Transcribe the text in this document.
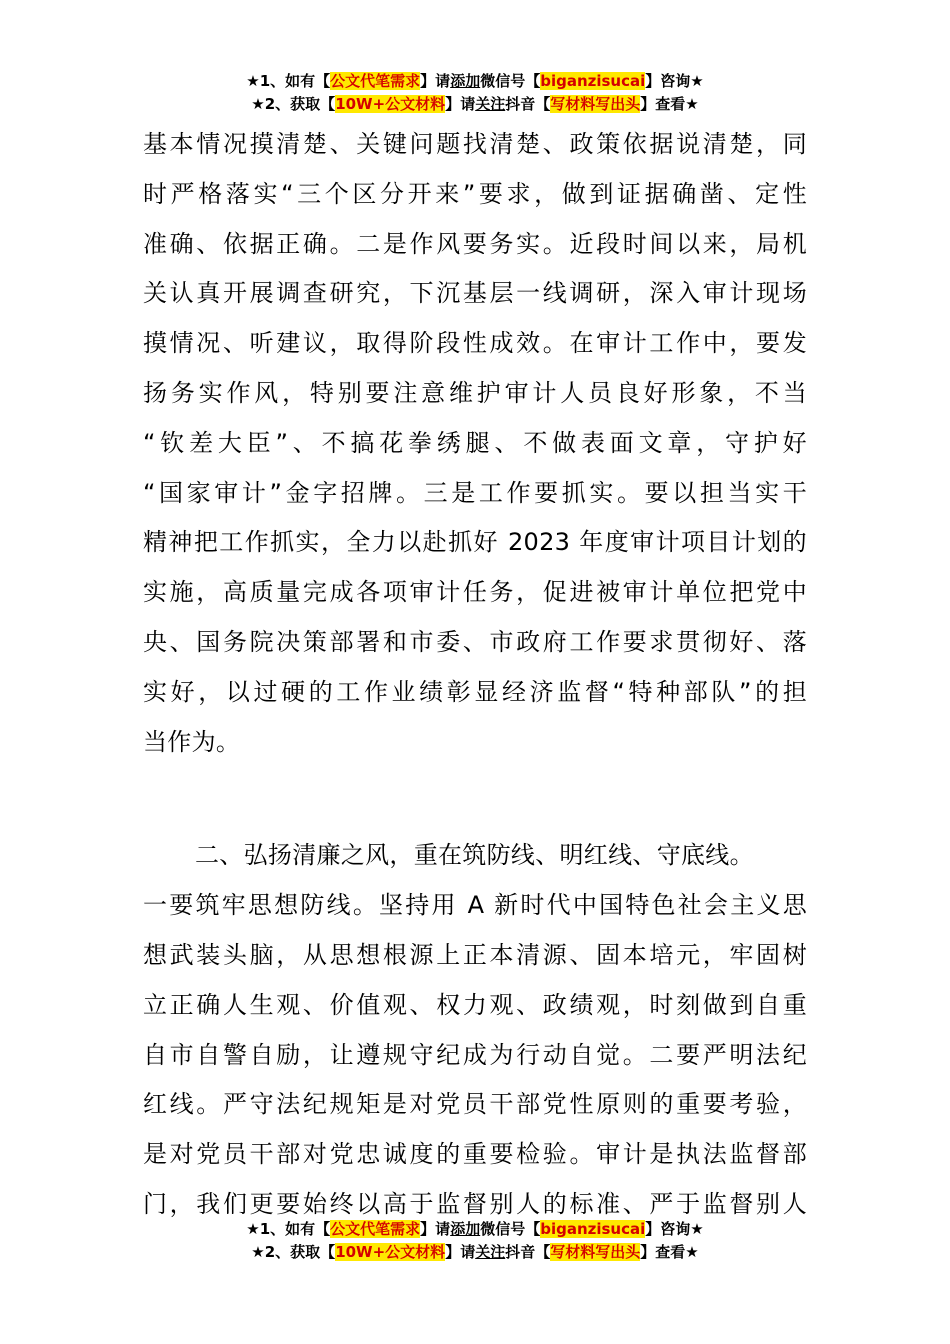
★1、如有【公文代笔需求】请添加微信号【biganzisucai】咨询★
★2、获取【10W+公文材料】请关注抖音【写材料写出头】查看★

基本情况摸清楚、关键问题找清楚、政策依据说清楚，同

时严格落实“三个区分开来”要求，做到证据确凿、定性

准确、依据正确。二是作风要务实。近段时间以来，局机

关认真开展调查研究，下沉基层一线调研，深入审计现场

摸情况、听建议，取得阶段性成效。在审计工作中，要发

扬务实作风，特别要注意维护审计人员良好形象，不当

“钦差大臣”、不搞花拳绣腿、不做表面文章，守护好

“国家审计”金字招牌。三是工作要抓实。要以担当实干

精神把工作抓实，全力以赴抓好 2023 年度审计项目计划的

实施，高质量完成各项审计任务，促进被审计单位把党中

央、国务院决策部署和市委、市政府工作要求贯彻好、落

实好，以过硬的工作业绩彰显经济监督“特种部队”的担

当作为。

二、弘扬清廉之风，重在筑防线、明红线、守底线。

一要筑牢思想防线。坚持用 A 新时代中国特色社会主义思

想武装头脑，从思想根源上正本清源、固本培元，牢固树

立正确人生观、价值观、权力观、政绩观，时刻做到自重

自市自警自励，让遵规守纪成为行动自觉。二要严明法纪

红线。严守法纪规矩是对党员干部党性原则的重要考验，

是对党员干部对党忠诚度的重要检验。审计是执法监督部

门，我们更要始终以高于监督别人的标准、严于监督别人

★1、如有【公文代笔需求】请添加微信号【biganzisucai】咨询★
★2、获取【10W+公文材料】请关注抖音【写材料写出头】查看★
